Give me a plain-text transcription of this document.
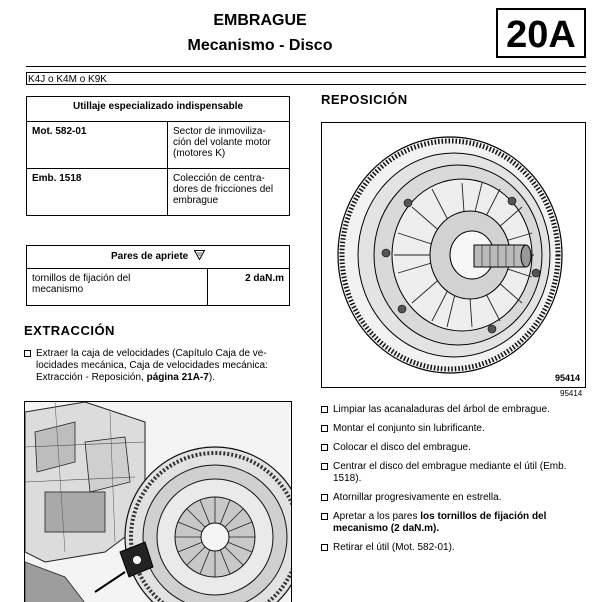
EMBRAGUE
Mecanismo - Disco	20A
K4J o K4M o K9K
Utillaje especializado indispensable	
Mot. 582-01	Sector de inmoviliza-
ción del volante motor
(motores K)

Emb. 1518	Colección de centra-
dores de fricciones del
embrague
Pares de apriete

tornillos de fijación del
mecanismo
	2 daN.m
EXTRACCIÓN
Extraer la caja de velocidades (Capítulo Caja de ve-
locidades mecánica, Caja de velocidades mecánica:
Extracción - Reposición, página 21A-7).
REPOSICIÓN
95414
95414
Limpiar las acanaladuras del árbol de embrague.
Montar el conjunto sin lubrificante.
Colocar el disco del embrague.
Centrar el disco del embrague mediante el útil (Emb.
1518).
Atornillar progresivamente en estrella.
Apretar a los pares los tornillos de fijación del
mecanismo (2 daN.m).
Retirar el útil (Mot. 582-01).
